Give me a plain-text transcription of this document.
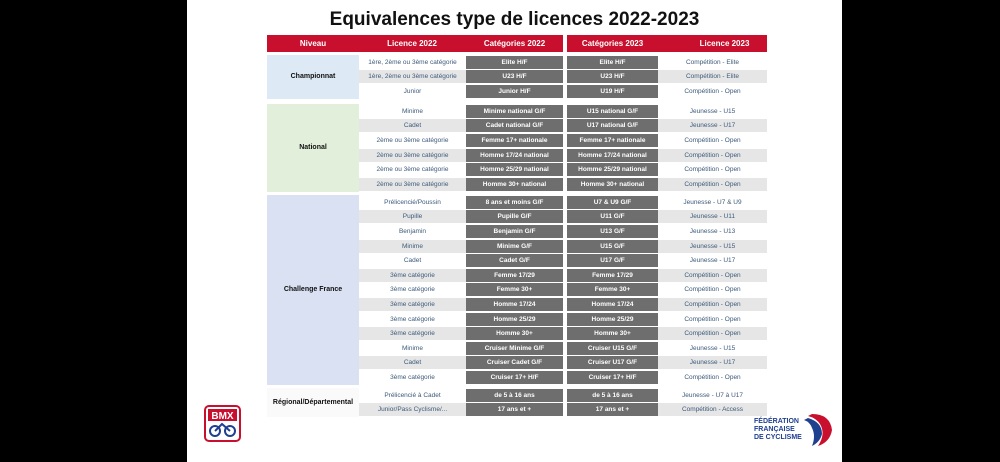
Equivalences type de licences 2022-2023
Niveau	Licence 2022	Catégories 2022	Catégories 2023	Licence 2023
Championnat
1ère, 2ème ou 3ème catégorie	Elite H/F	Elite H/F	Compétition - Elite
1ère, 2ème ou 3ème catégorie	U23 H/F	U23 H/F	Compétition - Elite
Junior	Junior H/F	U19 H/F	Compétition - Open
National
Minime	Minime national G/F	U15 national G/F	Jeunesse - U15
Cadet	Cadet national G/F	U17 national G/F	Jeunesse - U17
2ème ou 3ème catégorie	Femme 17+ nationale	Femme 17+ nationale	Compétition - Open
2ème ou 3ème catégorie	Homme 17/24 national	Homme 17/24 national	Compétition - Open
2ème ou 3ème catégorie	Homme 25/29 national	Homme 25/29 national	Compétition - Open
2ème ou 3ème catégorie	Homme 30+ national	Homme 30+ national	Compétition - Open
Challenge France
Prélicencié/Poussin	8 ans et moins G/F	U7 & U9 G/F	Jeunesse - U7 & U9
Pupille	Pupille G/F	U11 G/F	Jeunesse - U11
Benjamin	Benjamin G/F	U13 G/F	Jeunesse - U13
Minime	Minime G/F	U15 G/F	Jeunesse - U15
Cadet	Cadet G/F	U17 G/F	Jeunesse - U17
3ème catégorie	Femme 17/29	Femme 17/29	Compétition - Open
3ème catégorie	Femme 30+	Femme 30+	Compétition - Open
3ème catégorie	Homme 17/24	Homme 17/24	Compétition - Open
3ème catégorie	Homme 25/29	Homme 25/29	Compétition - Open
3ème catégorie	Homme 30+	Homme 30+	Compétition - Open
Minime	Cruiser Minime G/F	Cruiser U15 G/F	Jeunesse - U15
Cadet	Cruiser Cadet G/F	Cruiser U17 G/F	Jeunesse - U17
3ème catégorie	Cruiser 17+ H/F	Cruiser 17+ H/F	Compétition - Open
Régional/Départemental
Prélicencié à Cadet	de 5 à 16 ans	de 5 à 16 ans	Jeunesse - U7 à U17
Junior/Pass Cyclisme/...	17 ans et +	17 ans et +	Compétition - Access
BMX	FÉDÉRATION
FRANÇAISE
DE CYCLISME
